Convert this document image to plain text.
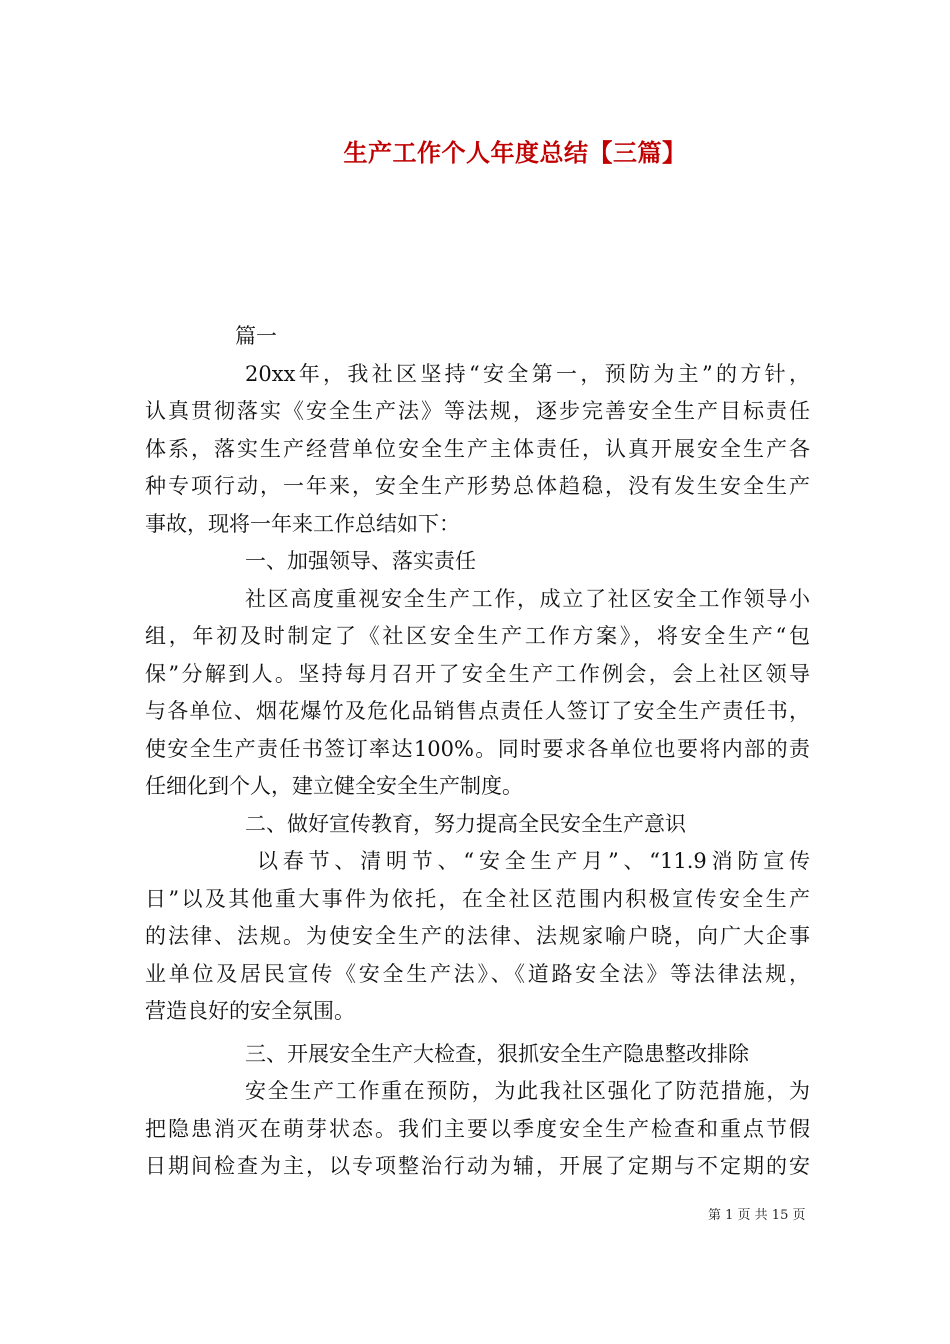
生产工作个人年度总结【三篇】
篇一
20xx年，我社区坚持“安全第一，预防为主”的方针，
认真贯彻落实《安全生产法》等法规，逐步完善安全生产目标责任
体系，落实生产经营单位安全生产主体责任，认真开展安全生产各
种专项行动，一年来，安全生产形势总体趋稳，没有发生安全生产
事故，现将一年来工作总结如下：
一、加强领导、落实责任
社区高度重视安全生产工作，成立了社区安全工作领导小
组，年初及时制定了《社区安全生产工作方案》，将安全生产“包
保”分解到人。坚持每月召开了安全生产工作例会，会上社区领导
与各单位、烟花爆竹及危化品销售点责任人签订了安全生产责任书，
使安全生产责任书签订率达100%。同时要求各单位也要将内部的责
任细化到个人，建立健全安全生产制度。
二、做好宣传教育，努力提高全民安全生产意识
以春节、清明节、“安全生产月”、“11.9消防宣传
日”以及其他重大事件为依托，在全社区范围内积极宣传安全生产
的法律、法规。为使安全生产的法律、法规家喻户晓，向广大企事
业单位及居民宣传《安全生产法》、《道路安全法》等法律法规，
营造良好的安全氛围。
三、开展安全生产大检查，狠抓安全生产隐患整改排除
安全生产工作重在预防，为此我社区强化了防范措施，为
把隐患消灭在萌芽状态。我们主要以季度安全生产检查和重点节假
日期间检查为主，以专项整治行动为辅，开展了定期与不定期的安
第 1 页 共 15 页
